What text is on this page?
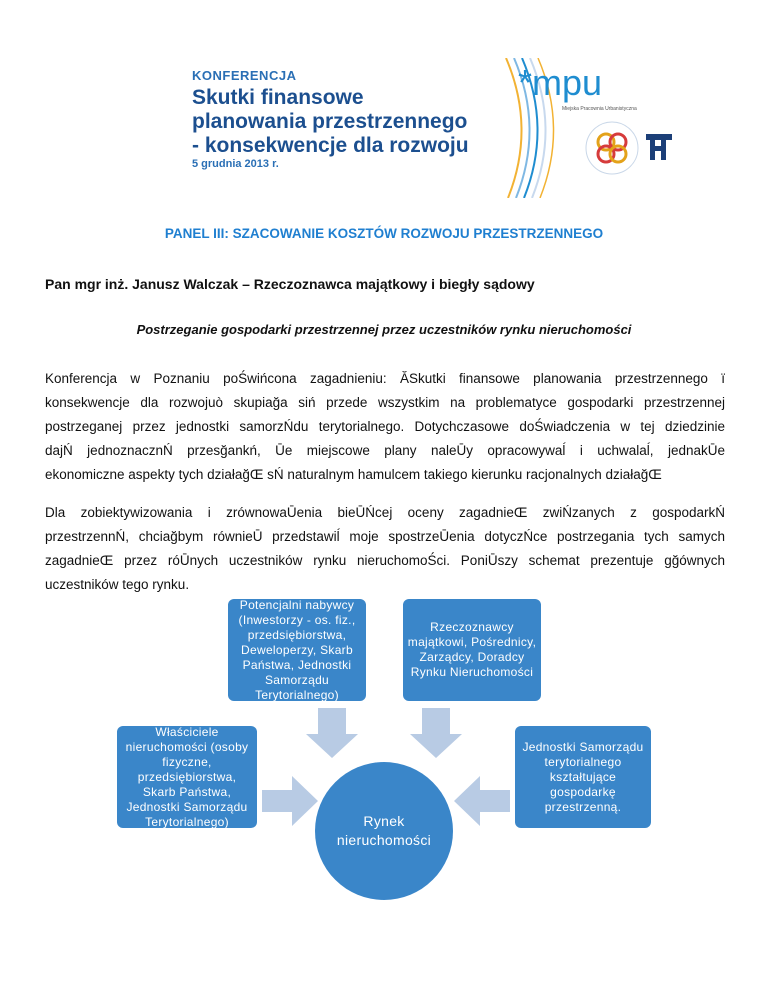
KONFERENCJA
Skutki finansowe
planowania przestrzennego
- konsekwencje dla rozwoju
5 grudnia 2013 r.
*mpu
Miejska Pracownia Urbanistyczna
PANEL III: SZACOWANIE KOSZTÓW ROZWOJU PRZESTRZENNEGO
Pan mgr inż. Janusz Walczak – Rzeczoznawca majątkowy i biegły sądowy
Postrzeganie gospodarki przestrzennej przez uczestników rynku nieruchomości
Konferencja w Poznaniu poŚwińcona zagadnieniu: ĂSkutki finansowe planowania przestrzennego ï
konsekwencje dla rozwojuò skupiağa siń przede wszystkim na problematyce gospodarki przestrzennej
postrzeganej przez jednostki samorzŃdu terytorialnego. Dotychczasowe doŚwiadczenia w tej dziedzinie
dajŃ jednoznacznŃ przesğankń, Ūe miejscowe plany naleŪy opracowywaĺ i uchwalaĺ, jednakŪe
ekonomiczne aspekty tych działağŒ sŃ naturalnym hamulcem takiego kierunku racjonalnych działağŒ
Dla zobiektywizowania i zrównowaŪenia bieŪŃcej oceny zagadnieŒ zwiŃzanych z gospodarkŃ
przestrzennŃ, chciağbym równieŪ przedstawiĺ moje spostrzeŪenia dotyczŃce postrzegania tych samych
zagadnieŒ przez róŪnych uczestników rynku nieruchomoŚci. PoniŪszy schemat prezentuje gğównych
uczestników tego rynku.
Potencjalni nabywcy (Inwestorzy - os. fiz., przedsiębiorstwa, Deweloperzy, Skarb Państwa, Jednostki Samorządu Terytorialnego)
Rzeczoznawcy majątkowi, Pośrednicy, Zarządcy, Doradcy Rynku Nieruchomości
Właściciele nieruchomości (osoby fizyczne, przedsiębiorstwa, Skarb Państwa, Jednostki Samorządu Terytorialnego)
Jednostki Samorządu terytorialnego kształtujące gospodarkę przestrzenną.
Rynek nieruchomości
